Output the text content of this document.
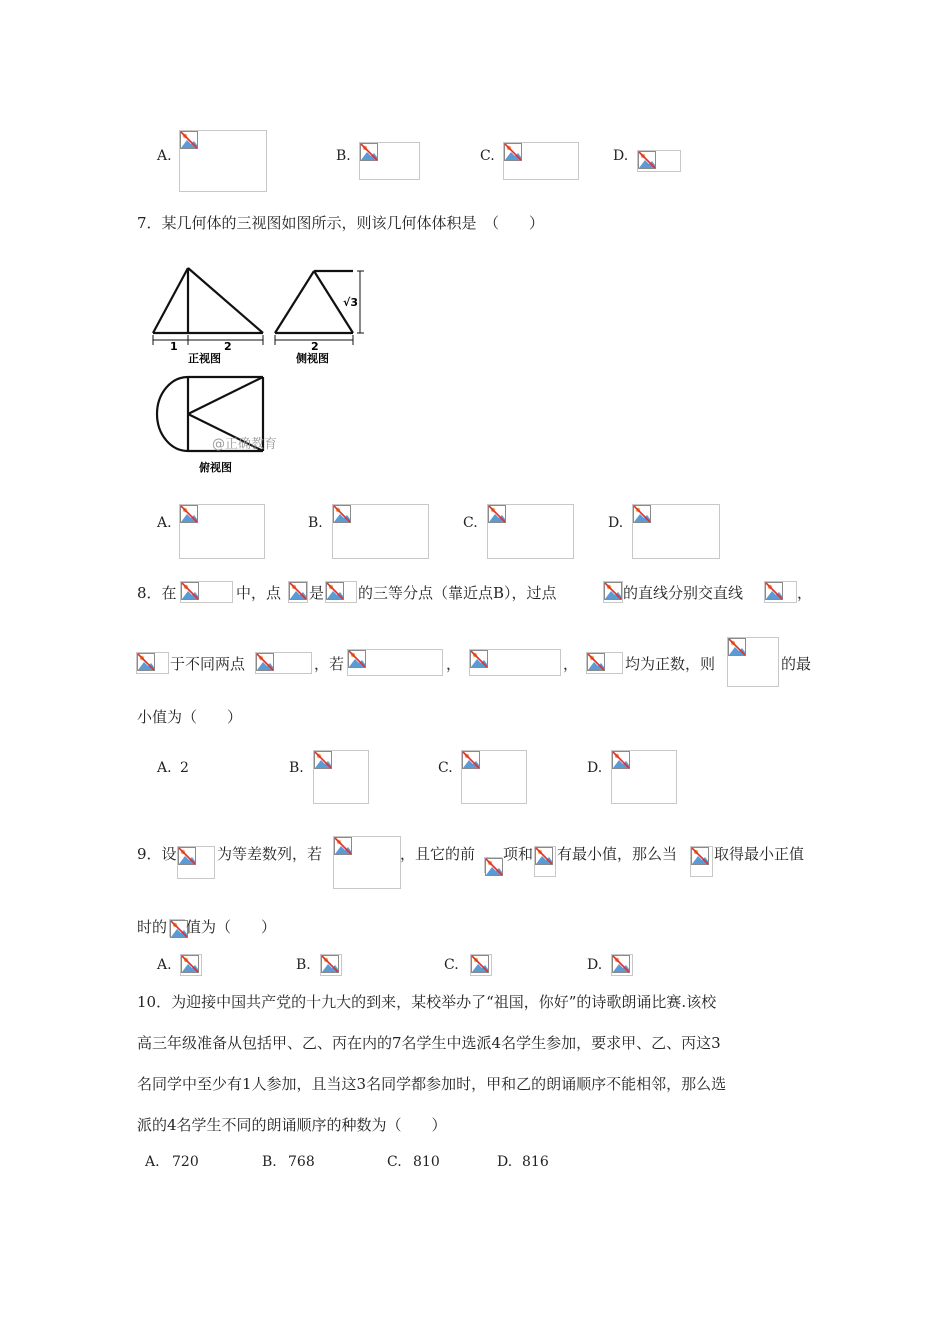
A.	B.	C.	D.
7．某几何体的三视图如图所示，则该几何体体积是　（　　）
1	2
正视图
2
√3
侧视图
@正确教育
俯视图
A.	B.	C.	D.
8．在	中，点 是 的三等分点（靠近点B），过点	的直线分别交直线	，
于不同两点	，若	，	，	均为正数，则	的最
小值为（　　）
A. 2	B.	C.	D.
9．设	为等差数列，若	，且它的前 项和 有最小值，那么当 取得最小正值
时的 值为（　　）
A.	B.	C.	D.
10．为迎接中国共产党的十九大的到来，某校举办了“祖国，你好”的诗歌朗诵比赛.该校
高三年级准备从包括甲、乙、丙在内的7名学生中选派4名学生参加，要求甲、乙、丙这3
名同学中至少有1人参加，且当这3名同学都参加时，甲和乙的朗诵顺序不能相邻，那么选
派的4名学生不同的朗诵顺序的种数为（　　）
A. 720	B. 768	C. 810	D. 816
